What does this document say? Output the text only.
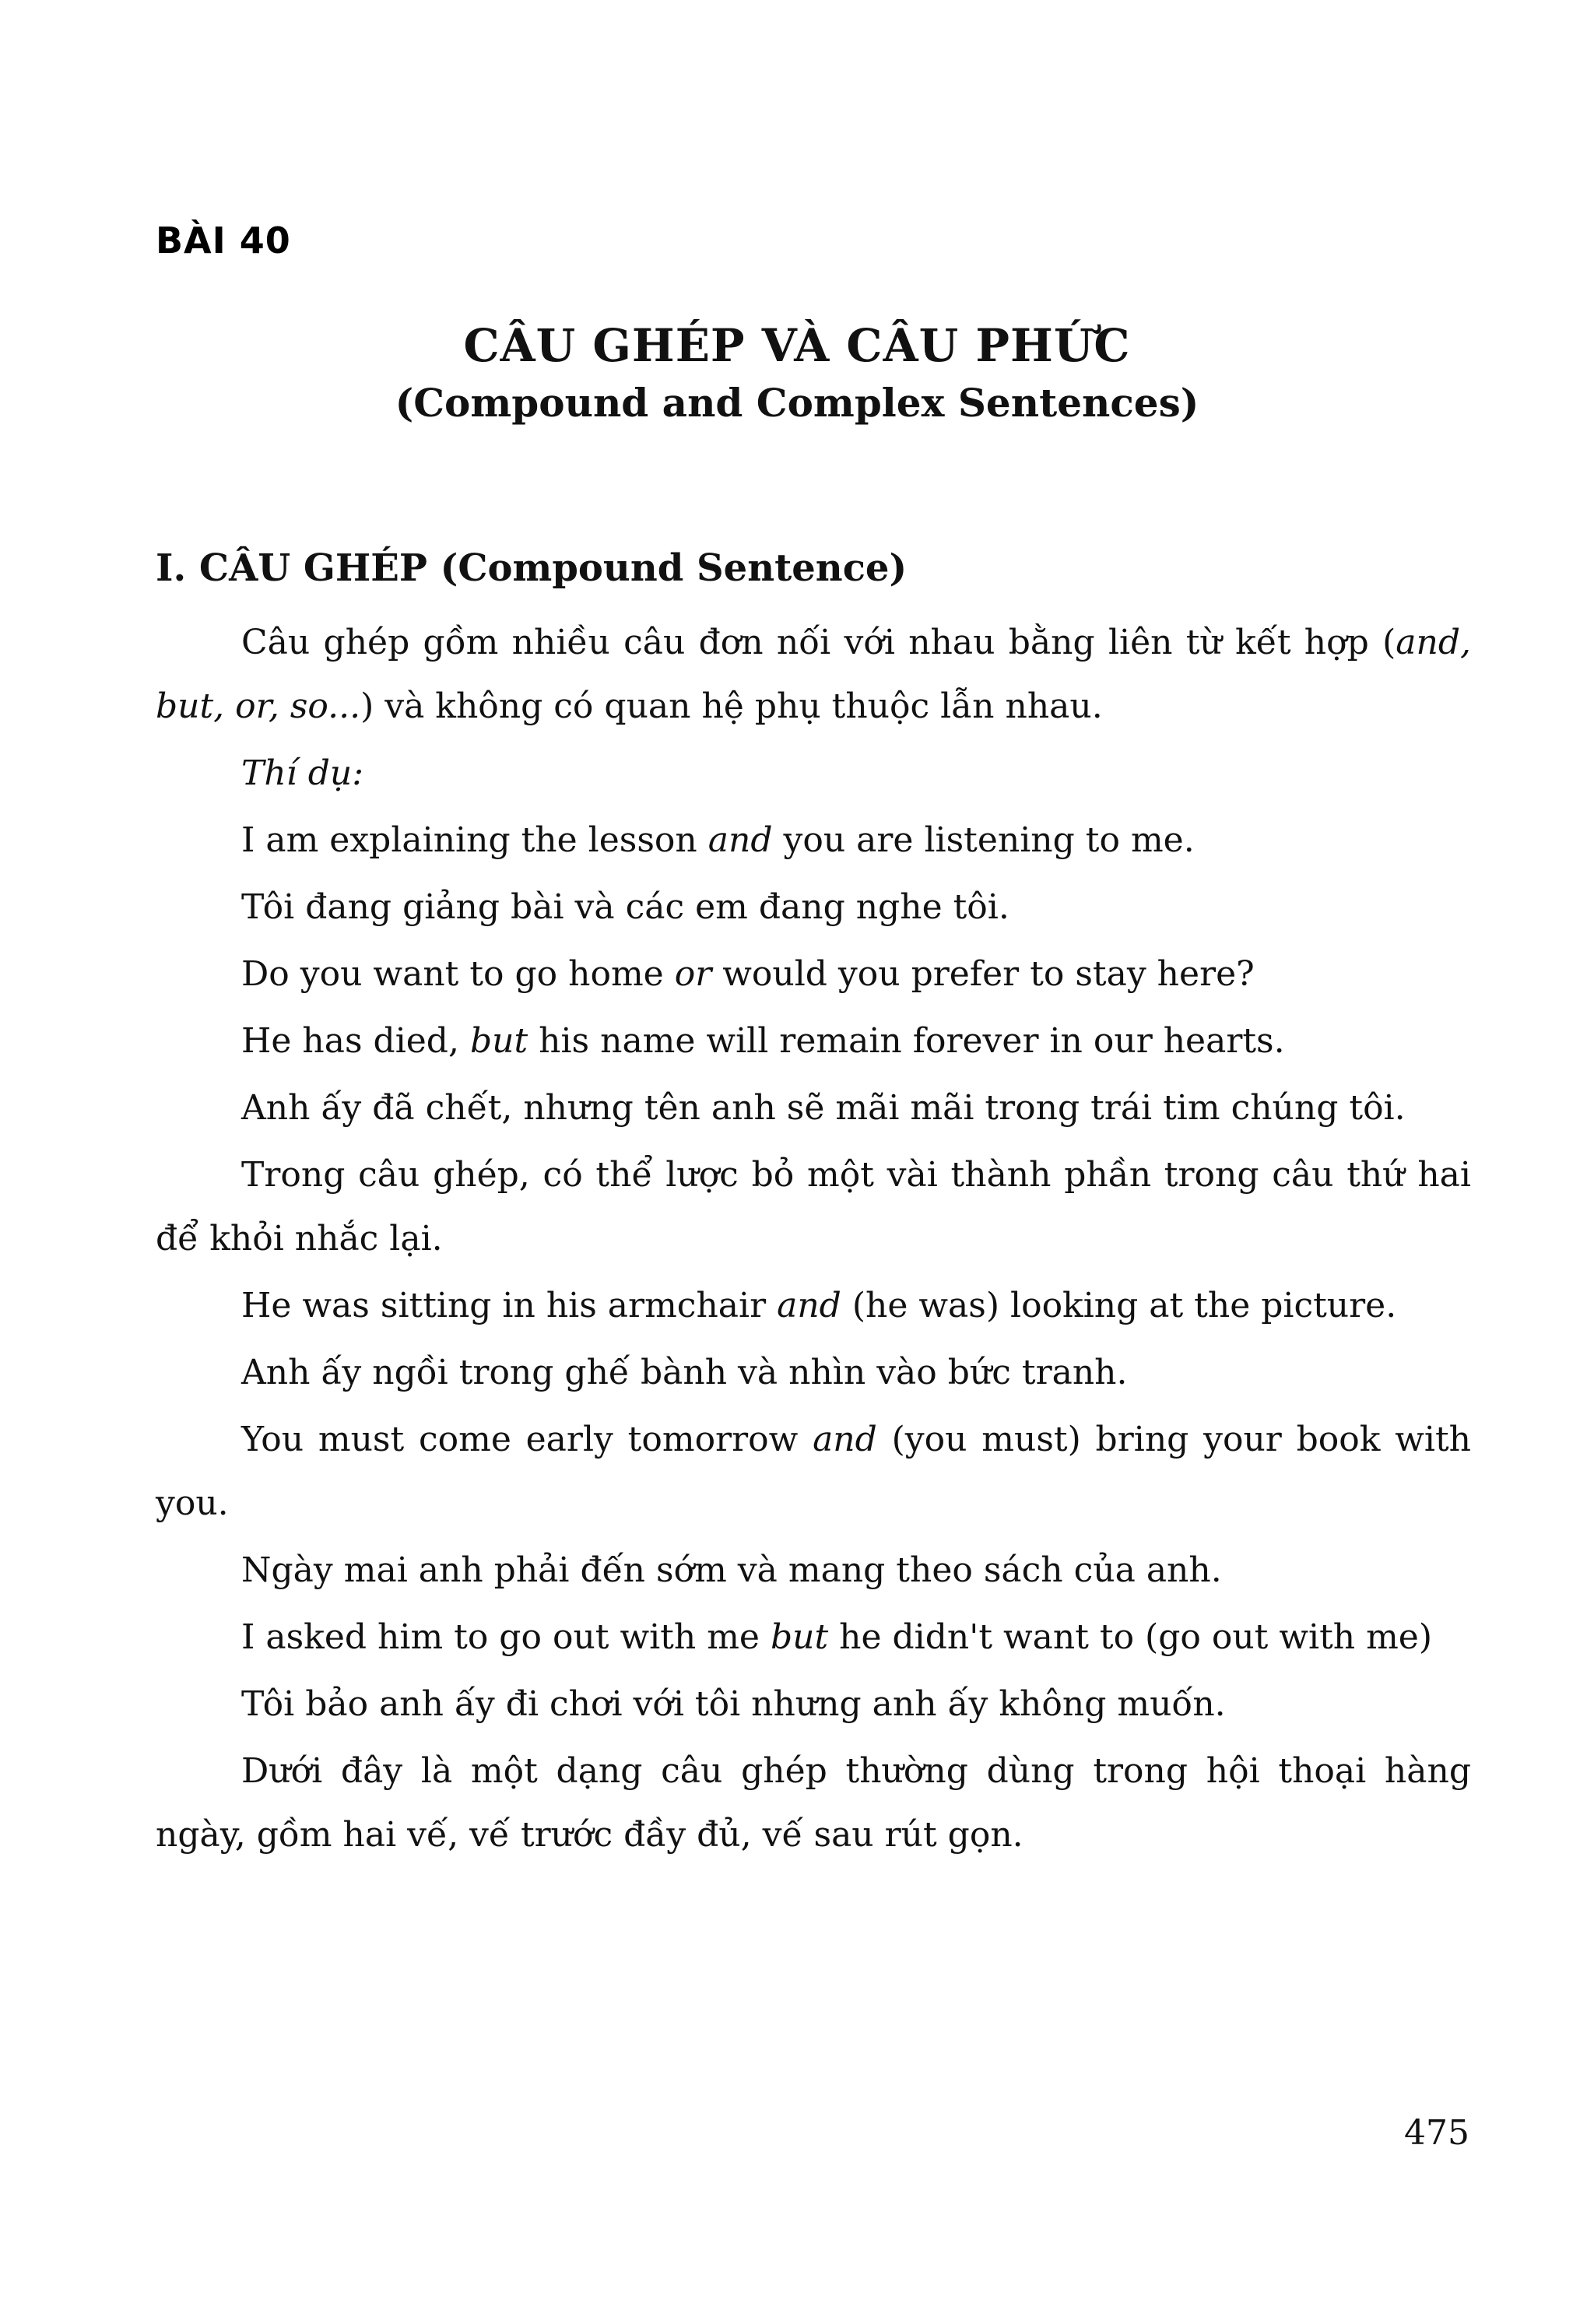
BÀI 40
CÂU GHÉP VÀ CÂU PHỨC
(Compound and Complex Sentences)
I. CÂU GHÉP (Compound Sentence)

Câu ghép gồm nhiều câu đơn nối với nhau bằng liên từ kết hợp (and, but, or, so...) và không có quan hệ phụ thuộc lẫn nhau.

Thí dụ:

I am explaining the lesson and you are listening to me.

Tôi đang giảng bài và các em đang nghe tôi.

Do you want to go home or would you prefer to stay here?

He has died, but his name will remain forever in our hearts.

Anh ấy đã chết, nhưng tên anh sẽ mãi mãi trong trái tim chúng tôi.

Trong câu ghép, có thể lược bỏ một vài thành phần trong câu thứ hai để khỏi nhắc lại.

He was sitting in his armchair and (he was) looking at the picture.

Anh ấy ngồi trong ghế bành và nhìn vào bức tranh.

You must come early tomorrow and (you must) bring your book with you.

Ngày mai anh phải đến sớm và mang theo sách của anh.

I asked him to go out with me but he didn't want to (go out with me)

Tôi bảo anh ấy đi chơi với tôi nhưng anh ấy không muốn.

Dưới đây là một dạng câu ghép thường dùng trong hội thoại hàng ngày, gồm hai vế, vế trước đầy đủ, vế sau rút gọn.

475
